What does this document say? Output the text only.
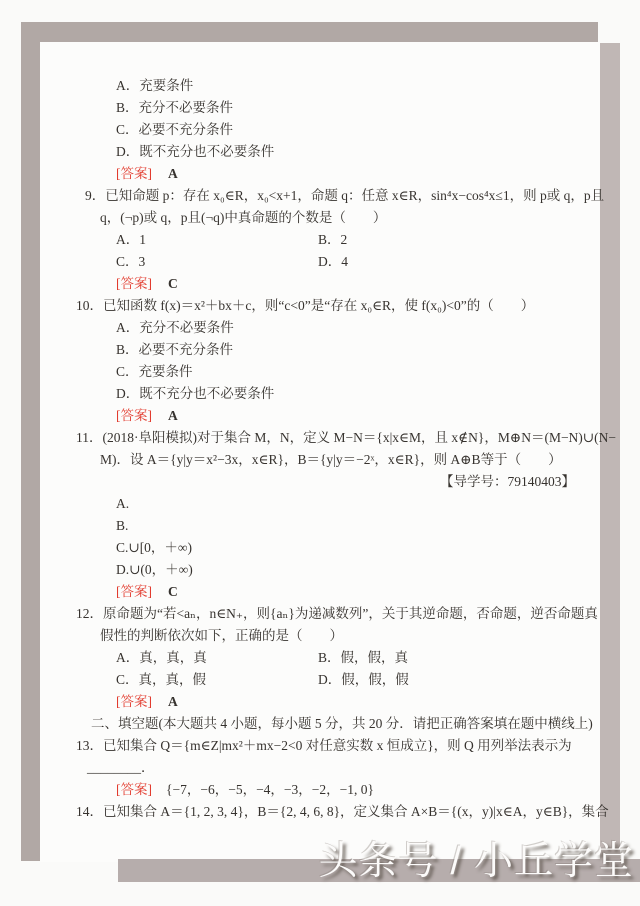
A．充要条件
B．充分不必要条件
C．必要不充分条件
D．既不充分也不必要条件
[答案] A
9．已知命题 p：存在 x₀∈R，x₀<x+1，命题 q：任意 x∈R，sin⁴x−cos⁴x≤1，则 p或 q，p且
q，(¬p)或 q，p且(¬q)中真命题的个数是（　　）
A．1	B．2
C．3	D．4
[答案] C
10．已知函数 f(x)＝x²＋bx＋c，则“c<0”是“存在 x₀∈R，使 f(x₀)<0”的（　　）
A．充分不必要条件
B．必要不充分条件
C．充要条件
D．既不充分也不必要条件
[答案] A
11．(2018·阜阳模拟)对于集合 M，N，定义 M−N＝{x|x∈M，且 x∉N}，M⊕N＝(M−N)∪(N−
M)．设 A＝{y|y＝x²−3x，x∈R}，B＝{y|y＝−2ˣ，x∈R}，则 A⊕B等于（　　）
【导学号：79140403】
A.
B.
C.∪[0，＋∞)
D.∪(0，＋∞)
[答案] C
12．原命题为“若<aₙ，n∈N₊，则{aₙ}为递减数列”，关于其逆命题，否命题，逆否命题真
假性的判断依次如下，正确的是（　　）
A．真，真，真	B．假，假，真
C．真，真，假	D．假，假，假
[答案] A
二、填空题(本大题共 4 小题，每小题 5 分，共 20 分．请把正确答案填在题中横线上)
13．已知集合 Q＝{m∈Z|mx²＋mx−2<0 对任意实数 x 恒成立}，则 Q 用列举法表示为
________．
[答案] {−7，−6，−5，−4，−3，−2，−1, 0}
14．已知集合 A＝{1, 2, 3, 4}，B＝{2, 4, 6, 8}，定义集合 A×B＝{(x，y)|x∈A，y∈B}，集合
头条号 / 小丘学堂
